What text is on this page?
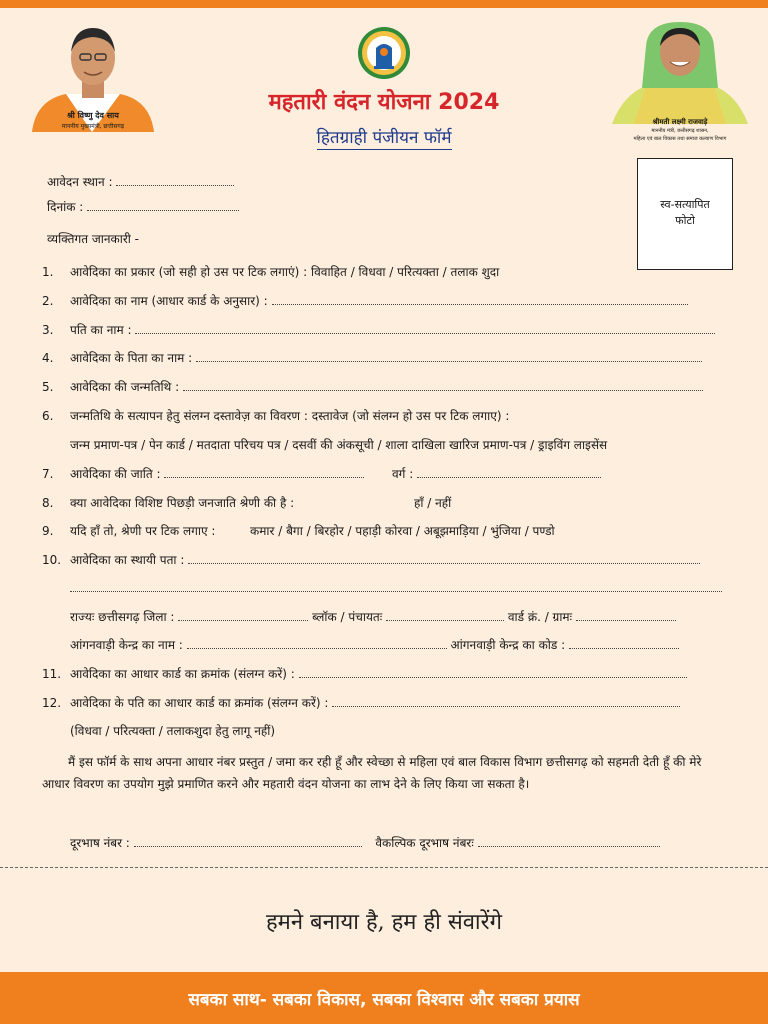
श्री विष्णु देव साय
माननीय मुख्यमंत्री, छत्तीसगढ़
महतारी वंदन योजना 2024
हितग्राही पंजीयन फॉर्म
श्रीमती लक्ष्मी राजवाड़े
माननीय मंत्री, छत्तीसगढ़ शासन,
महिला एवं बाल विकास तथा समाज कल्याण विभाग
स्व-सत्यापित
फोटो
आवेदन स्थान :
दिनांक :
व्यक्तिगत जानकारी -
1. आवेदिका का प्रकार (जो सही हो उस पर टिक लगाएं) : विवाहित / विधवा / परित्यक्ता / तलाक शुदा
2. आवेदिका का नाम (आधार कार्ड के अनुसार) :
3. पति का नाम :
4. आवेदिका के पिता का नाम :
5. आवेदिका की जन्मतिथि :
6. जन्मतिथि के सत्यापन हेतु संलग्न दस्तावेज़ का विवरण : दस्तावेज (जो संलग्न हो उस पर टिक लगाए) :
जन्म प्रमाण-पत्र / पेन कार्ड / मतदाता परिचय पत्र / दसवीं की अंकसूची / शाला दाखिला खारिज प्रमाण-पत्र / ड्राइविंग लाइसेंस
7. आवेदिका की जाति :	वर्ग :
8. क्या आवेदिका विशिष्ट पिछड़ी जनजाति श्रेणी की है :	हॉं / नहीं
9. यदि हाँ तो, श्रेणी पर टिक लगाए :	कमार / बैगा / बिरहोर / पहाड़ी कोरवा / अबूझमाड़िया / भुंजिया / पण्डो
10. आवेदिका का स्थायी पता :
राज्यः छत्तीसगढ़ जिला :	ब्लॉक / पंचायतः	वार्ड क्रं. / ग्रामः
आंगनवाड़ी केन्द्र का नाम :	आंगनवाड़ी केन्द्र का कोड :
11. आवेदिका का आधार कार्ड का क्रमांक (संलग्न करें) :
12. आवेदिका के पति का आधार कार्ड का क्रमांक (संलग्न करें) :
(विधवा / परित्यक्ता / तलाकशुदा हेतु लागू नहीं)
मैं इस फॉर्म के साथ अपना आधार नंबर प्रस्तुत / जमा कर रही हूँ और स्वेच्छा से महिला एवं बाल विकास विभाग छत्तीसगढ़ को सहमती देती हूँ की मेरे आधार विवरण का उपयोग मुझे प्रमाणित करने और महतारी वंदन योजना का लाभ देने के लिए किया जा सकता है।
दूरभाष नंबर :	वैकल्पिक दूरभाष नंबरः
हमने बनाया है, हम ही संवारेंगे
सबका साथ- सबका विकास, सबका विश्वास और सबका प्रयास
